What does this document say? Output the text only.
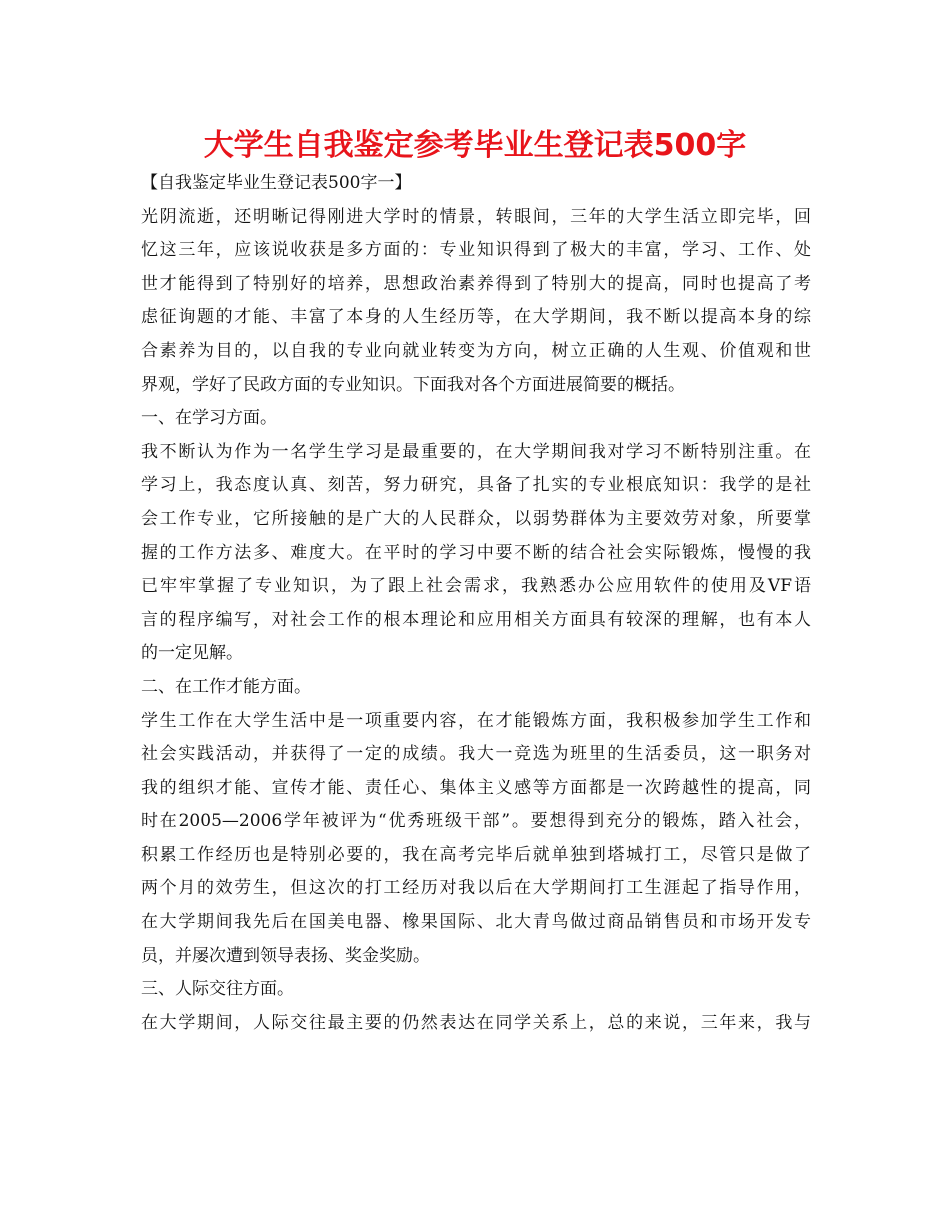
大学生自我鉴定参考毕业生登记表500字
【自我鉴定毕业生登记表500字一】
光阴流逝，还明晰记得刚进大学时的情景，转眼间，三年的大学生活立即完毕，回
忆这三年，应该说收获是多方面的：专业知识得到了极大的丰富，学习、工作、处
世才能得到了特别好的培养，思想政治素养得到了特别大的提高，同时也提高了考
虑征询题的才能、丰富了本身的人生经历等，在大学期间，我不断以提高本身的综
合素养为目的，以自我的专业向就业转变为方向，树立正确的人生观、价值观和世
界观，学好了民政方面的专业知识。下面我对各个方面进展简要的概括。
一、在学习方面。
我不断认为作为一名学生学习是最重要的，在大学期间我对学习不断特别注重。在
学习上，我态度认真、刻苦，努力研究，具备了扎实的专业根底知识：我学的是社
会工作专业，它所接触的是广大的人民群众，以弱势群体为主要效劳对象，所要掌
握的工作方法多、难度大。在平时的学习中要不断的结合社会实际锻炼，慢慢的我
已牢牢掌握了专业知识，为了跟上社会需求，我熟悉办公应用软件的使用及VF语
言的程序编写，对社会工作的根本理论和应用相关方面具有较深的理解，也有本人
的一定见解。
二、在工作才能方面。
学生工作在大学生活中是一项重要内容，在才能锻炼方面，我积极参加学生工作和
社会实践活动，并获得了一定的成绩。我大一竞选为班里的生活委员，这一职务对
我的组织才能、宣传才能、责任心、集体主义感等方面都是一次跨越性的提高，同
时在2005—2006学年被评为“优秀班级干部”。要想得到充分的锻炼，踏入社会，
积累工作经历也是特别必要的，我在高考完毕后就单独到塔城打工，尽管只是做了
两个月的效劳生，但这次的打工经历对我以后在大学期间打工生涯起了指导作用，
在大学期间我先后在国美电器、橡果国际、北大青鸟做过商品销售员和市场开发专
员，并屡次遭到领导表扬、奖金奖励。
三、人际交往方面。
在大学期间，人际交往最主要的仍然表达在同学关系上，总的来说，三年来，我与
